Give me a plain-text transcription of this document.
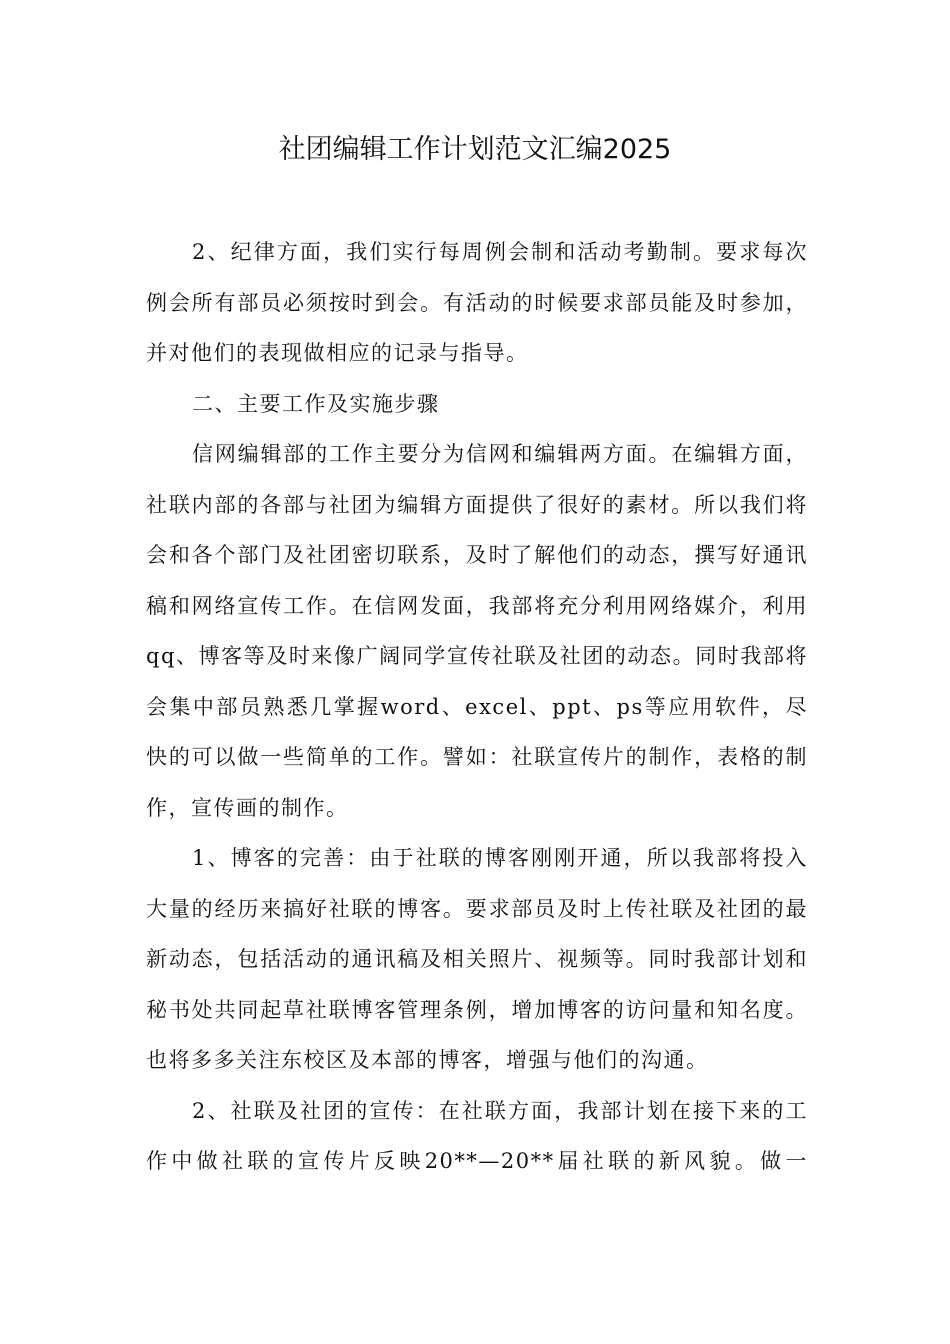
社团编辑工作计划范文汇编2025

2、纪律方面，我们实行每周例会制和活动考勤制。要求每次例会所有部员必须按时到会。有活动的时候要求部员能及时参加，并对他们的表现做相应的记录与指导。

二、主要工作及实施步骤

信网编辑部的工作主要分为信网和编辑两方面。在编辑方面，社联内部的各部与社团为编辑方面提供了很好的素材。所以我们将会和各个部门及社团密切联系，及时了解他们的动态，撰写好通讯稿和网络宣传工作。在信网发面，我部将充分利用网络媒介，利用qq、博客等及时来像广阔同学宣传社联及社团的动态。同时我部将会集中部员熟悉几掌握word、excel、ppt、ps等应用软件，尽快的可以做一些简单的工作。譬如：社联宣传片的制作，表格的制作，宣传画的制作。

1、博客的完善：由于社联的博客刚刚开通，所以我部将投入大量的经历来搞好社联的博客。要求部员及时上传社联及社团的最新动态，包括活动的通讯稿及相关照片、视频等。同时我部计划和秘书处共同起草社联博客管理条例，增加博客的访问量和知名度。也将多多关注东校区及本部的博客，增强与他们的沟通。

2、社联及社团的宣传：在社联方面，我部计划在接下来的工作中做社联的宣传片反映20**—20**届社联的新风貌。做一
